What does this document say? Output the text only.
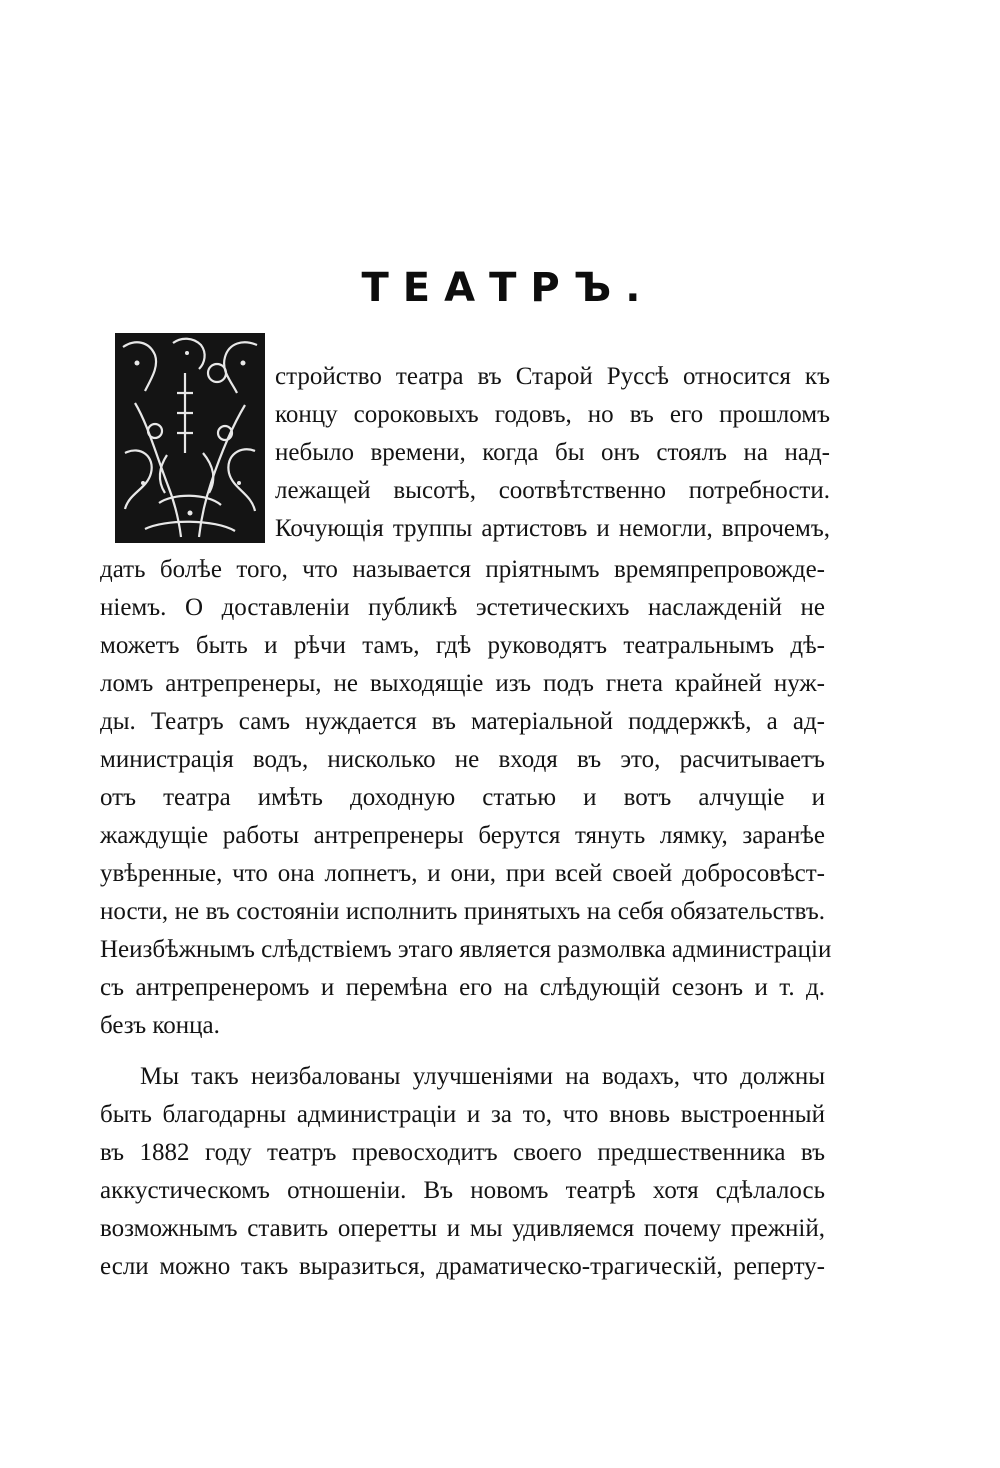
ТЕАТРЪ.
стройство театра въ Старой Руссѣ относится къ
концу сороковыхъ годовъ, но въ его прошломъ
небыло времени, когда бы онъ стоялъ на над-
лежащей высотѣ, соотвѣтственно потребности.
Кочующія труппы артистовъ и немогли, впрочемъ,
дать болѣе того, что называется пріятнымъ времяпрепровожде-
ніемъ. О доставленіи публикѣ эстетическихъ наслажденій не
можетъ быть и рѣчи тамъ, гдѣ руководятъ театральнымъ дѣ-
ломъ антрепренеры, не выходящіе изъ подъ гнета крайней нуж-
ды. Театръ самъ нуждается въ матеріальной поддержкѣ, а ад-
министрація водъ, нисколько не входя въ это, расчитываетъ
отъ театра имѣть доходную статью и вотъ алчущіе и
жаждущіе работы антрепренеры берутся тянуть лямку, заранѣе
увѣренные, что она лопнетъ, и они, при всей своей добросовѣст-
ности, не въ состояніи исполнить принятыхъ на себя обязательствъ.
Неизбѣжнымъ слѣдствіемъ этаго является размолвка администраціи
съ антрепренеромъ и перемѣна его на слѣдующій сезонъ и т. д.
безъ конца.
Мы такъ неизбалованы улучшеніями на водахъ, что должны
быть благодарны администраціи и за то, что вновь выстроенный
въ 1882 году театръ превосходитъ своего предшественника въ
аккустическомъ отношеніи. Въ новомъ театрѣ хотя сдѣлалось
возможнымъ ставить оперетты и мы удивляемся почему прежній,
если можно такъ выразиться, драматическо-трагическій, реперту-
